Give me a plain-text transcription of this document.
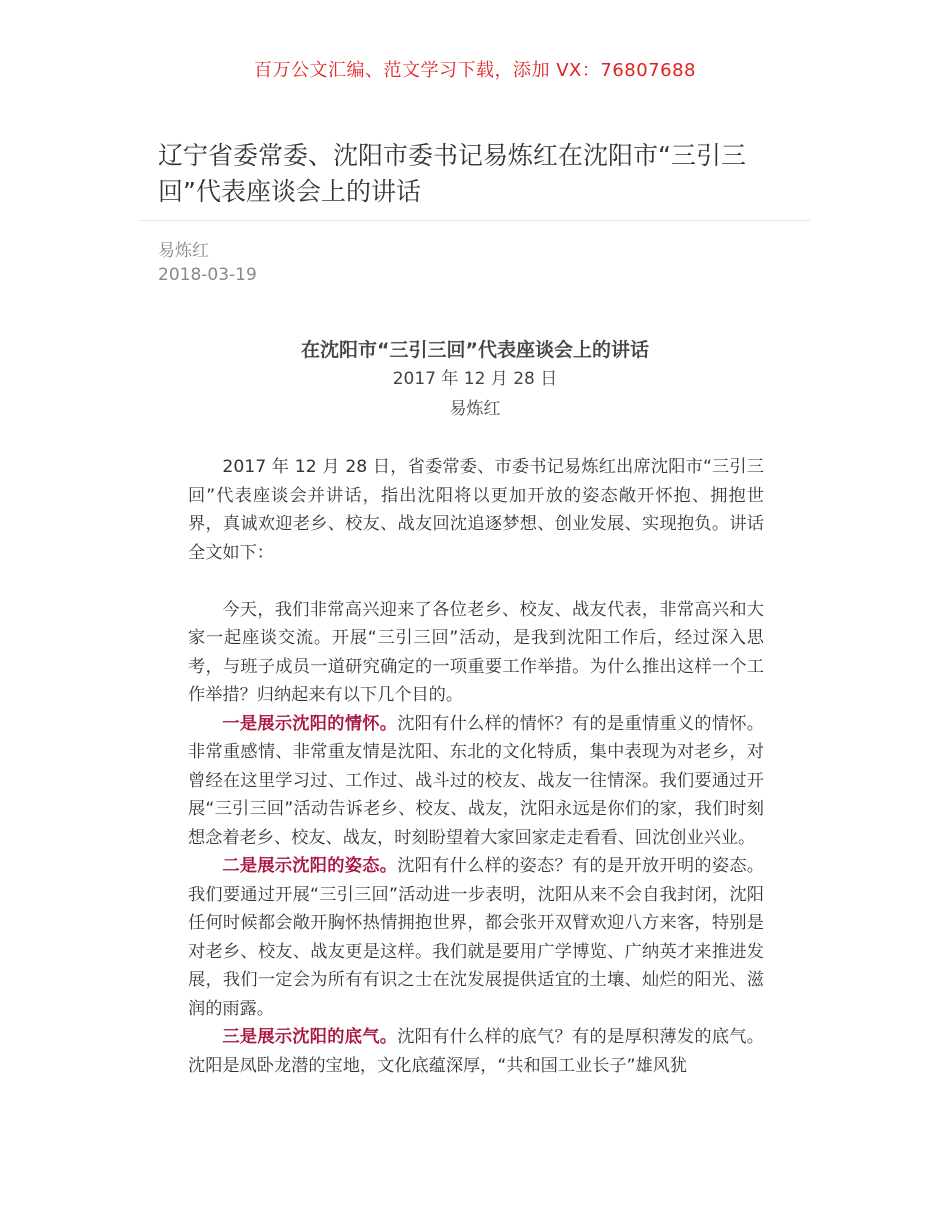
百万公文汇编、范文学习下载，添加 VX：76807688
辽宁省委常委、沈阳市委书记易炼红在沈阳市“三引三回”代表座谈会上的讲话
易炼红
2018-03-19
在沈阳市“三引三回”代表座谈会上的讲话
2017 年 12 月 28 日
易炼红

2017 年 12 月 28 日，省委常委、市委书记易炼红出席沈阳市“三引三回”代表座谈会并讲话，指出沈阳将以更加开放的姿态敞开怀抱、拥抱世界，真诚欢迎老乡、校友、战友回沈追逐梦想、创业发展、实现抱负。讲话全文如下：

今天，我们非常高兴迎来了各位老乡、校友、战友代表，非常高兴和大家一起座谈交流。开展“三引三回”活动，是我到沈阳工作后，经过深入思考，与班子成员一道研究确定的一项重要工作举措。为什么推出这样一个工作举措？归纳起来有以下几个目的。

一是展示沈阳的情怀。沈阳有什么样的情怀？有的是重情重义的情怀。非常重感情、非常重友情是沈阳、东北的文化特质，集中表现为对老乡，对曾经在这里学习过、工作过、战斗过的校友、战友一往情深。我们要通过开展“三引三回”活动告诉老乡、校友、战友，沈阳永远是你们的家，我们时刻想念着老乡、校友、战友，时刻盼望着大家回家走走看看、回沈创业兴业。

二是展示沈阳的姿态。沈阳有什么样的姿态？有的是开放开明的姿态。我们要通过开展“三引三回”活动进一步表明，沈阳从来不会自我封闭，沈阳任何时候都会敞开胸怀热情拥抱世界，都会张开双臂欢迎八方来客，特别是对老乡、校友、战友更是这样。我们就是要用广学博览、广纳英才来推进发展，我们一定会为所有有识之士在沈发展提供适宜的土壤、灿烂的阳光、滋润的雨露。

三是展示沈阳的底气。沈阳有什么样的底气？有的是厚积薄发的底气。沈阳是凤卧龙潜的宝地，文化底蕴深厚，“共和国工业长子”雄风犹
